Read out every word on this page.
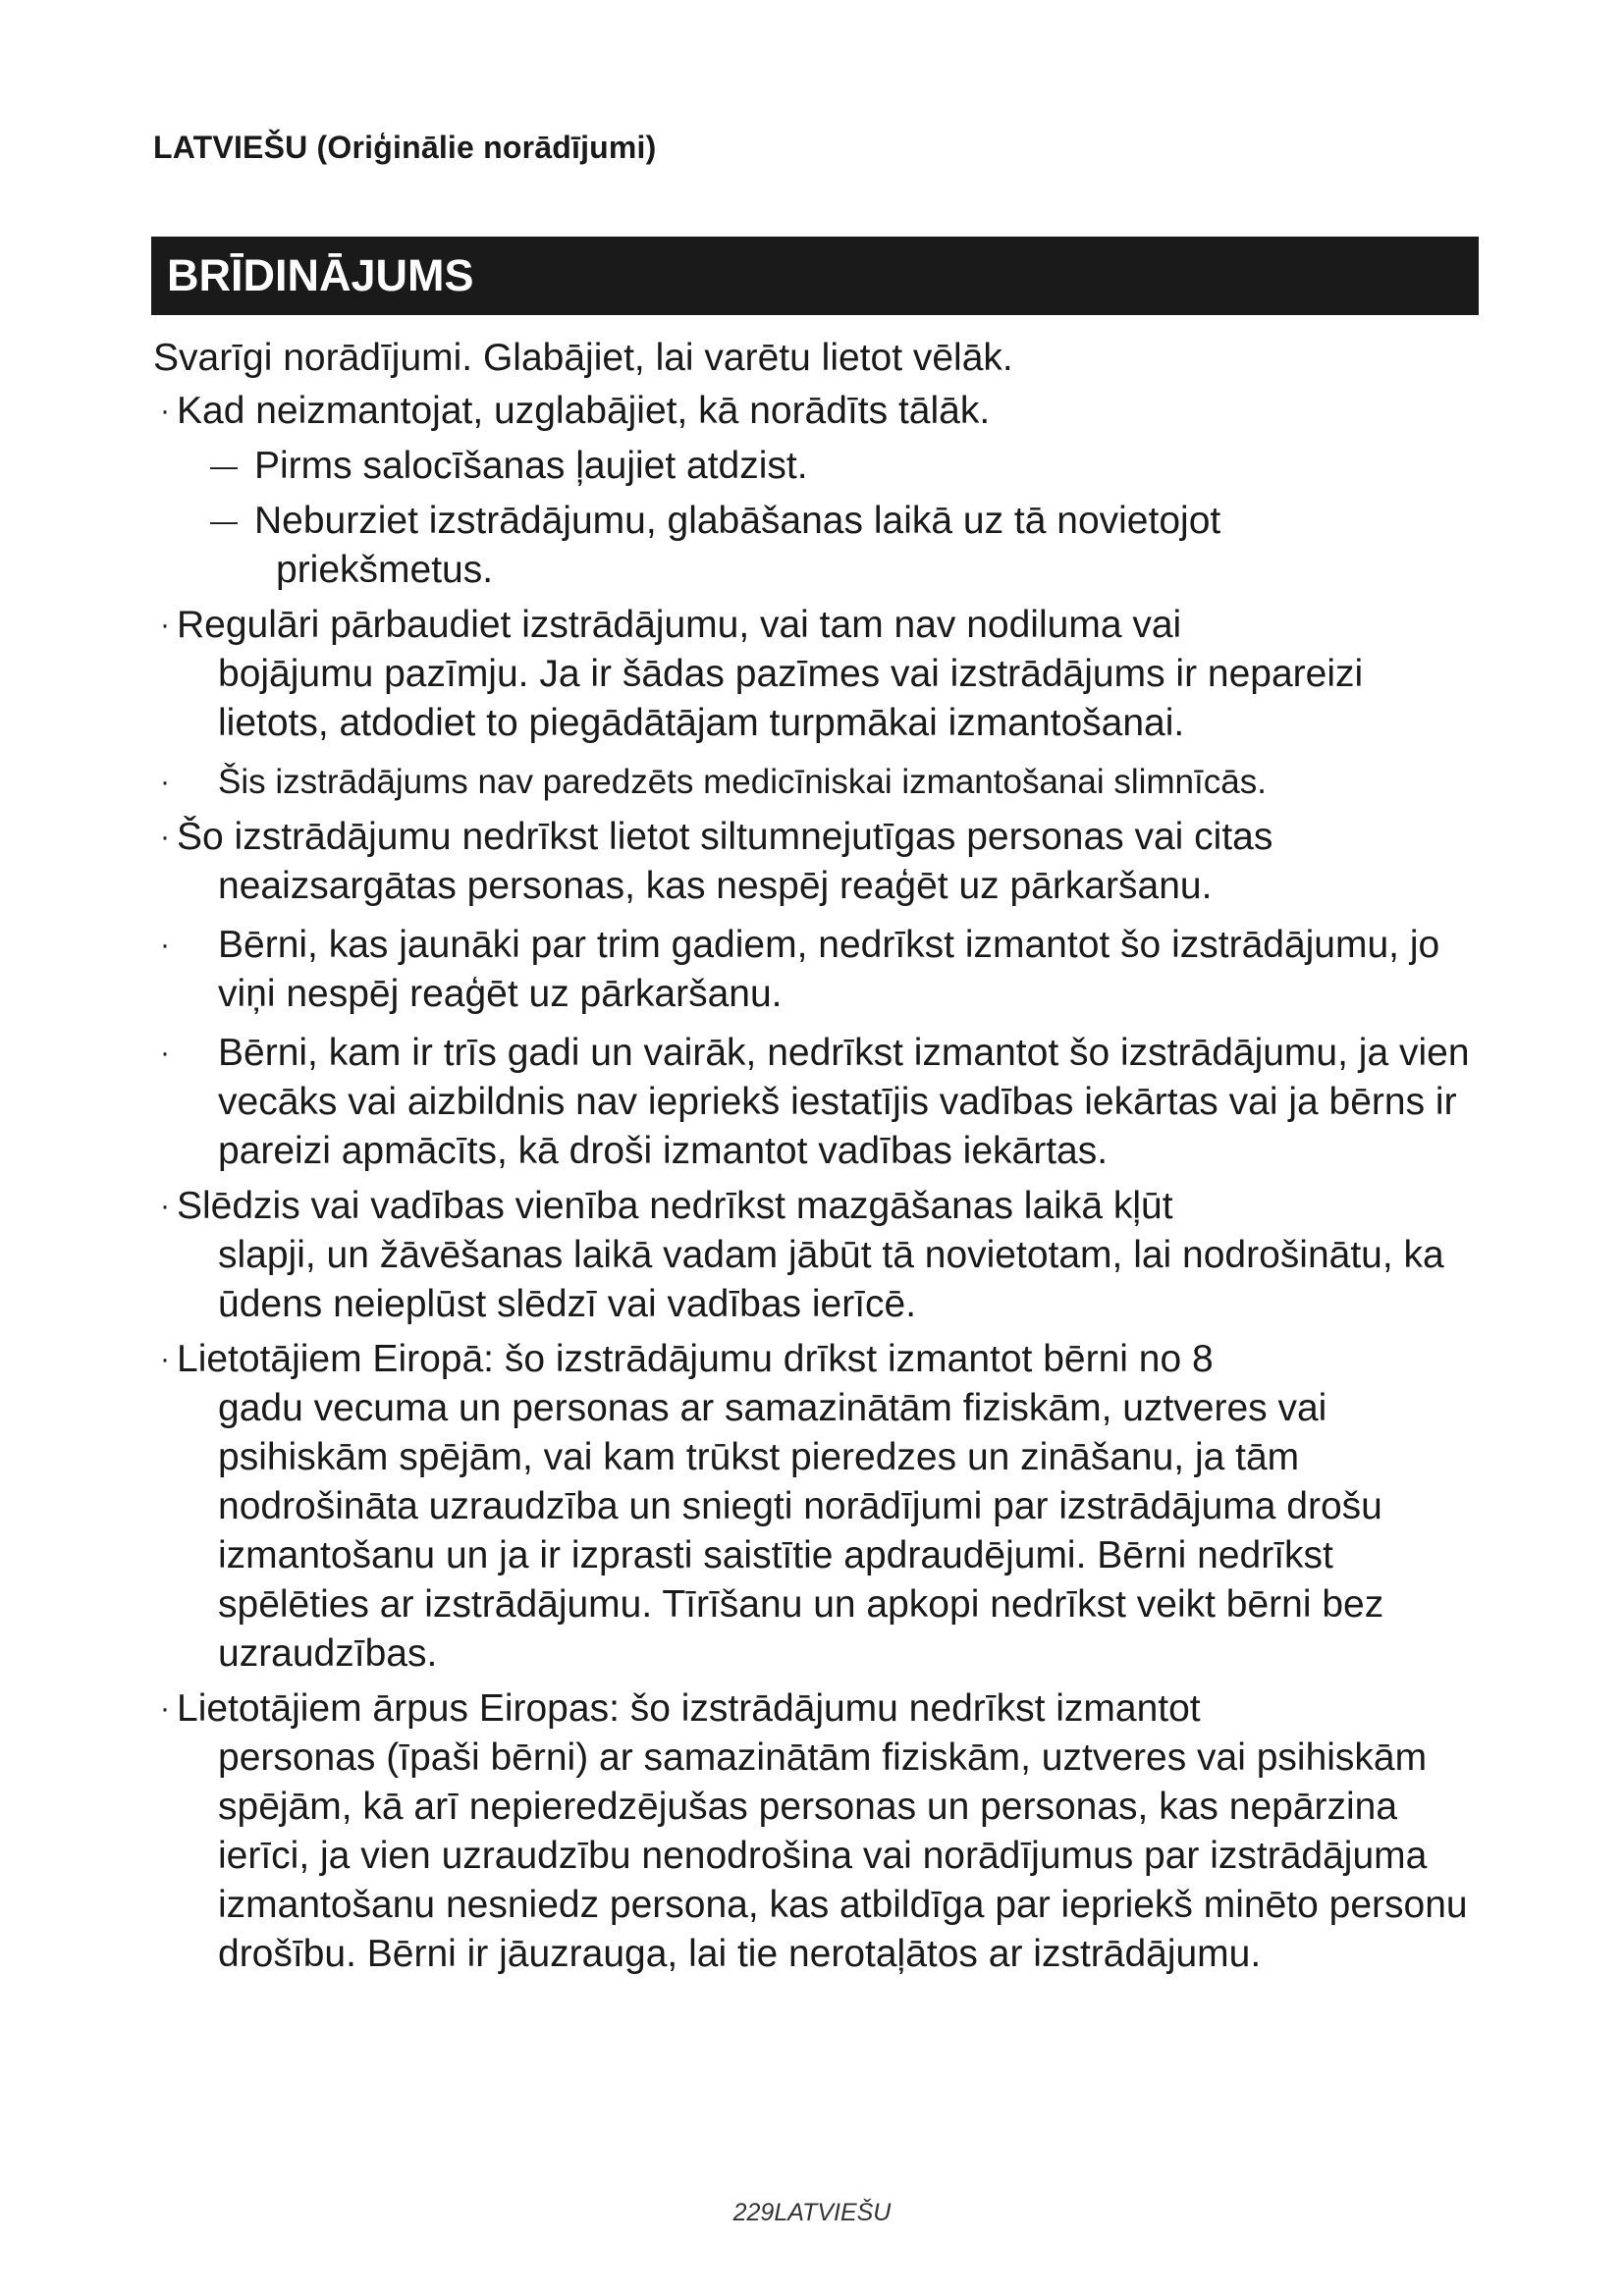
LATVIEŠU (Oriģinālie norādījumi)
BRĪDINĀJUMS

Svarīgi norādījumi. Glabājiet, lai varētu lietot vēlāk.

· Kad neizmantojat, uzglabājiet, kā norādīts tālāk.
— Pirms salocīšanas ļaujiet atdzist.
— Neburziet izstrādājumu, glabāšanas laikā uz tā novietojot
priekšmetus.
· Regulāri pārbaudiet izstrādājumu, vai tam nav nodiluma vai
bojājumu pazīmju. Ja ir šādas pazīmes vai izstrādājums ir nepareizi lietots, atdodiet to piegādātājam turpmākai izmantošanai.
· Šis izstrādājums nav paredzēts medicīniskai izmantošanai slimnīcās.
· Šo izstrādājumu nedrīkst lietot siltumnejutīgas personas vai citas
neaizsargātas personas, kas nespēj reaģēt uz pārkaršanu.
· Bērni, kas jaunāki par trim gadiem, nedrīkst izmantot šo izstrādājumu, jo viņi nespēj reaģēt uz pārkaršanu.
· Bērni, kam ir trīs gadi un vairāk, nedrīkst izmantot šo izstrādājumu, ja vien vecāks vai aizbildnis nav iepriekš iestatījis vadības iekārtas vai ja bērns ir pareizi apmācīts, kā droši izmantot vadības iekārtas.
· Slēdzis vai vadības vienība nedrīkst mazgāšanas laikā kļūt
slapji, un žāvēšanas laikā vadam jābūt tā novietotam, lai nodrošinātu, ka ūdens neieplūst slēdzī vai vadības ierīcē.
· Lietotājiem Eiropā: šo izstrādājumu drīkst izmantot bērni no 8
gadu vecuma un personas ar samazinātām fiziskām, uztveres vai psihiskām spējām, vai kam trūkst pieredzes un zināšanu, ja tām nodrošināta uzraudzība un sniegti norādījumi par izstrādājuma drošu izmantošanu un ja ir izprasti saistītie apdraudējumi. Bērni nedrīkst spēlēties ar izstrādājumu. Tīrīšanu un apkopi nedrīkst veikt bērni bez uzraudzības.
· Lietotājiem ārpus Eiropas: šo izstrādājumu nedrīkst izmantot
personas (īpaši bērni) ar samazinātām fiziskām, uztveres vai psihiskām spējām, kā arī nepieredzējušas personas un personas, kas nepārzina ierīci, ja vien uzraudzību nenodrošina vai norādījumus par izstrādājuma izmantošanu nesniedz persona, kas atbildīga par iepriekš minēto personu drošību. Bērni ir jāuzrauga, lai tie nerotaļātos ar izstrādājumu.
229LATVIEŠU
